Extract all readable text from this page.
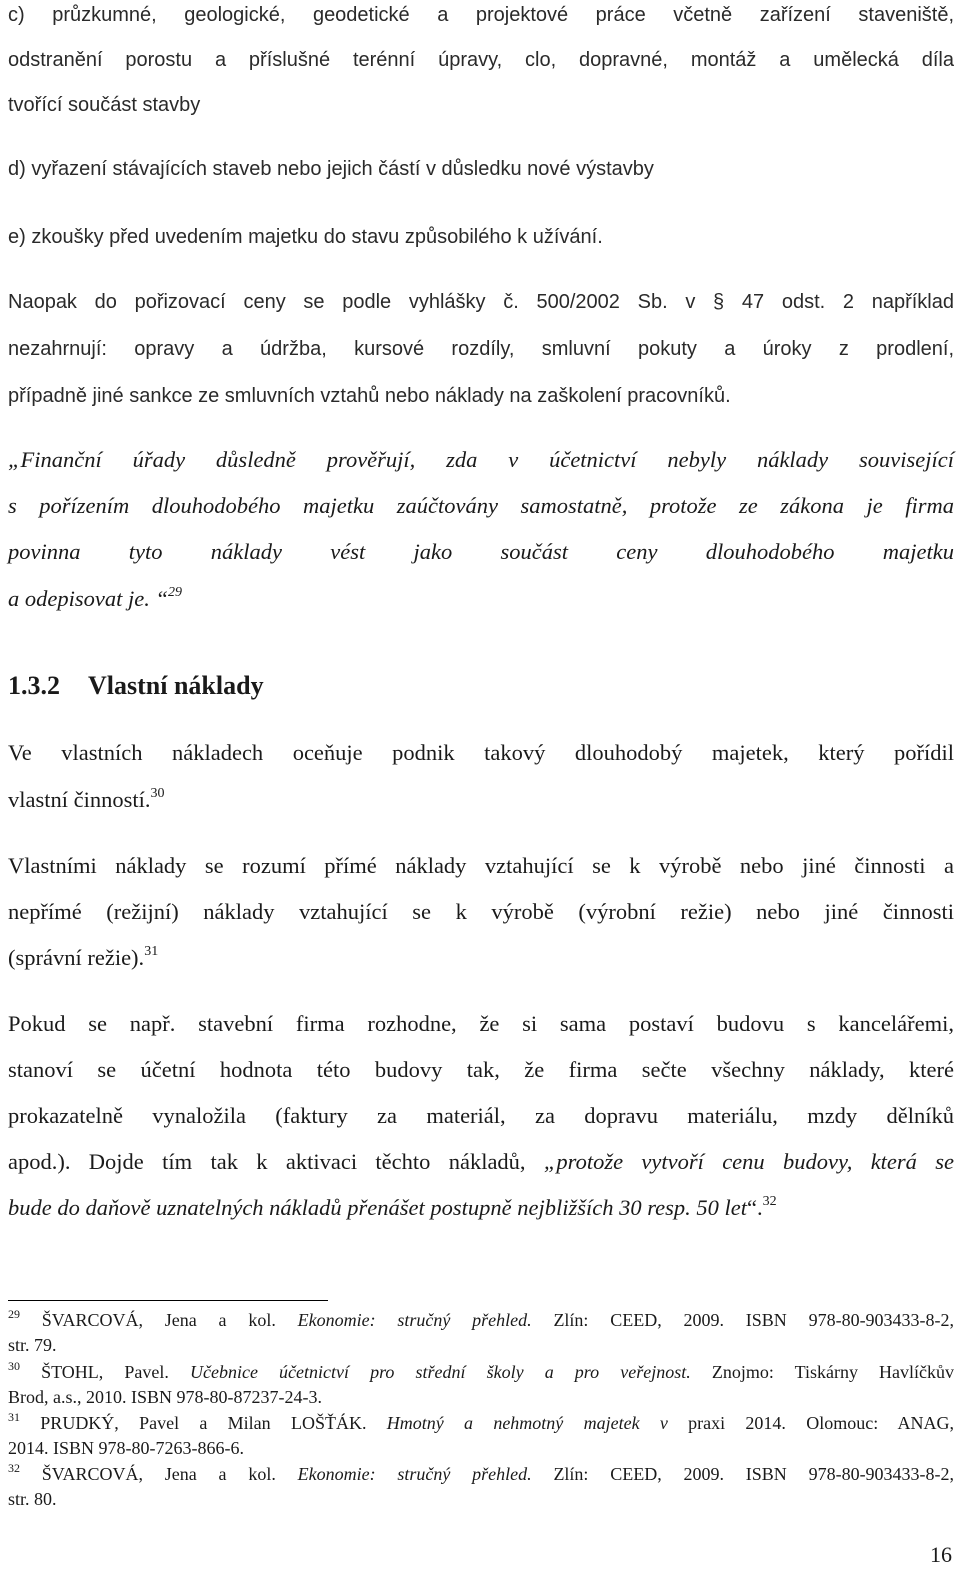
c) průzkumné, geologické, geodetické a projektové práce včetně zařízení staveniště,
odstranění porostu a příslušné terénní úpravy, clo, dopravné, montáž a umělecká díla
tvořící součást stavby
d) vyřazení stávajících staveb nebo jejich částí v důsledku nové výstavby
e) zkoušky před uvedením majetku do stavu způsobilého k užívání.
Naopak do pořizovací ceny se podle vyhlášky č. 500/2002 Sb. v § 47 odst. 2 například
nezahrnují: opravy a údržba, kursové rozdíly, smluvní pokuty a úroky z prodlení,
případně jiné sankce ze smluvních vztahů nebo náklady na zaškolení pracovníků.
„Finanční úřady důsledně prověřují, zda v účetnictví nebyly náklady související
s pořízením dlouhodobého majetku zaúčtovány samostatně, protože ze zákona je firma
povinna tyto náklady vést jako součást ceny dlouhodobého majetku
a odepisovat je. “$^{29}$
1.3.2 Vlastní náklady
Ve vlastních nákladech oceňuje podnik takový dlouhodobý majetek, který pořídil
vlastní činností.$^{30}$
Vlastními náklady se rozumí přímé náklady vztahující se k výrobě nebo jiné činnosti a
nepřímé (režijní) náklady vztahující se k výrobě (výrobní režie) nebo jiné činnosti
(správní režie).$^{31}$
Pokud se např. stavební firma rozhodne, že si sama postaví budovu s kancelářemi,
stanoví se účetní hodnota této budovy tak, že firma sečte všechny náklady, které
prokazatelně vynaložila (faktury za materiál, za dopravu materiálu, mzdy dělníků
apod.). Dojde tím tak k aktivaci těchto nákladů, „protože vytvoří cenu budovy, která se
bude do daňově uznatelných nákladů přenášet postupně nejbližších 30 resp. 50 let“.$^{32}$
$^{29}$ ŠVARCOVÁ, Jena a kol. Ekonomie: stručný přehled. Zlín: CEED, 2009. ISBN 978-80-903433-8-2,
str. 79.
$^{30}$ ŠTOHL, Pavel. Učebnice účetnictví pro střední školy a pro veřejnost. Znojmo: Tiskárny Havlíčkův
Brod, a.s., 2010. ISBN 978-80-87237-24-3.
$^{31}$ PRUDKÝ, Pavel a Milan LOŠŤÁK. Hmotný a nehmotný majetek v praxi 2014. Olomouc: ANAG,
2014. ISBN 978-80-7263-866-6.
$^{32}$ ŠVARCOVÁ, Jena a kol. Ekonomie: stručný přehled. Zlín: CEED, 2009. ISBN 978-80-903433-8-2,
str. 80.
16
